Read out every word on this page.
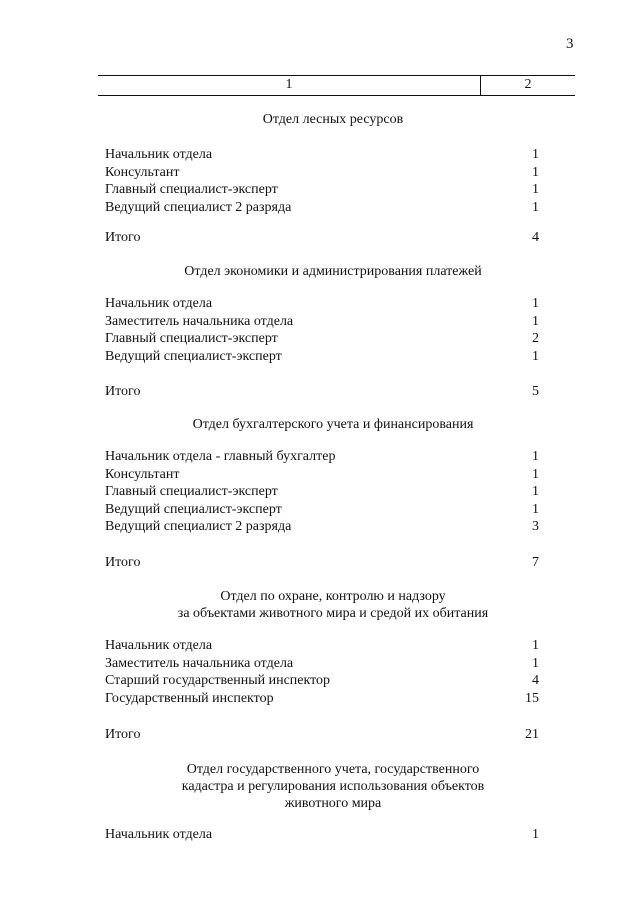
3
1	2
Отдел лесных ресурсов
Начальник отдела	1
Консультант	1
Главный специалист-эксперт	1
Ведущий специалист 2 разряда	1
Итого	4
Отдел экономики и администрирования платежей
Начальник отдела	1
Заместитель начальника отдела	1
Главный специалист-эксперт	2
Ведущий специалист-эксперт	1
Итого	5
Отдел бухгалтерского учета и финансирования
Начальник отдела - главный бухгалтер	1
Консультант	1
Главный специалист-эксперт	1
Ведущий специалист-эксперт	1
Ведущий специалист 2 разряда	3
Итого	7
Отдел по охране, контролю и надзору
за объектами животного мира и средой их обитания
Начальник отдела	1
Заместитель начальника отдела	1
Старший государственный инспектор	4
Государственный инспектор	15
Итого	21
Отдел государственного учета, государственного
кадастра и регулирования использования объектов
животного мира
Начальник отдела	1
